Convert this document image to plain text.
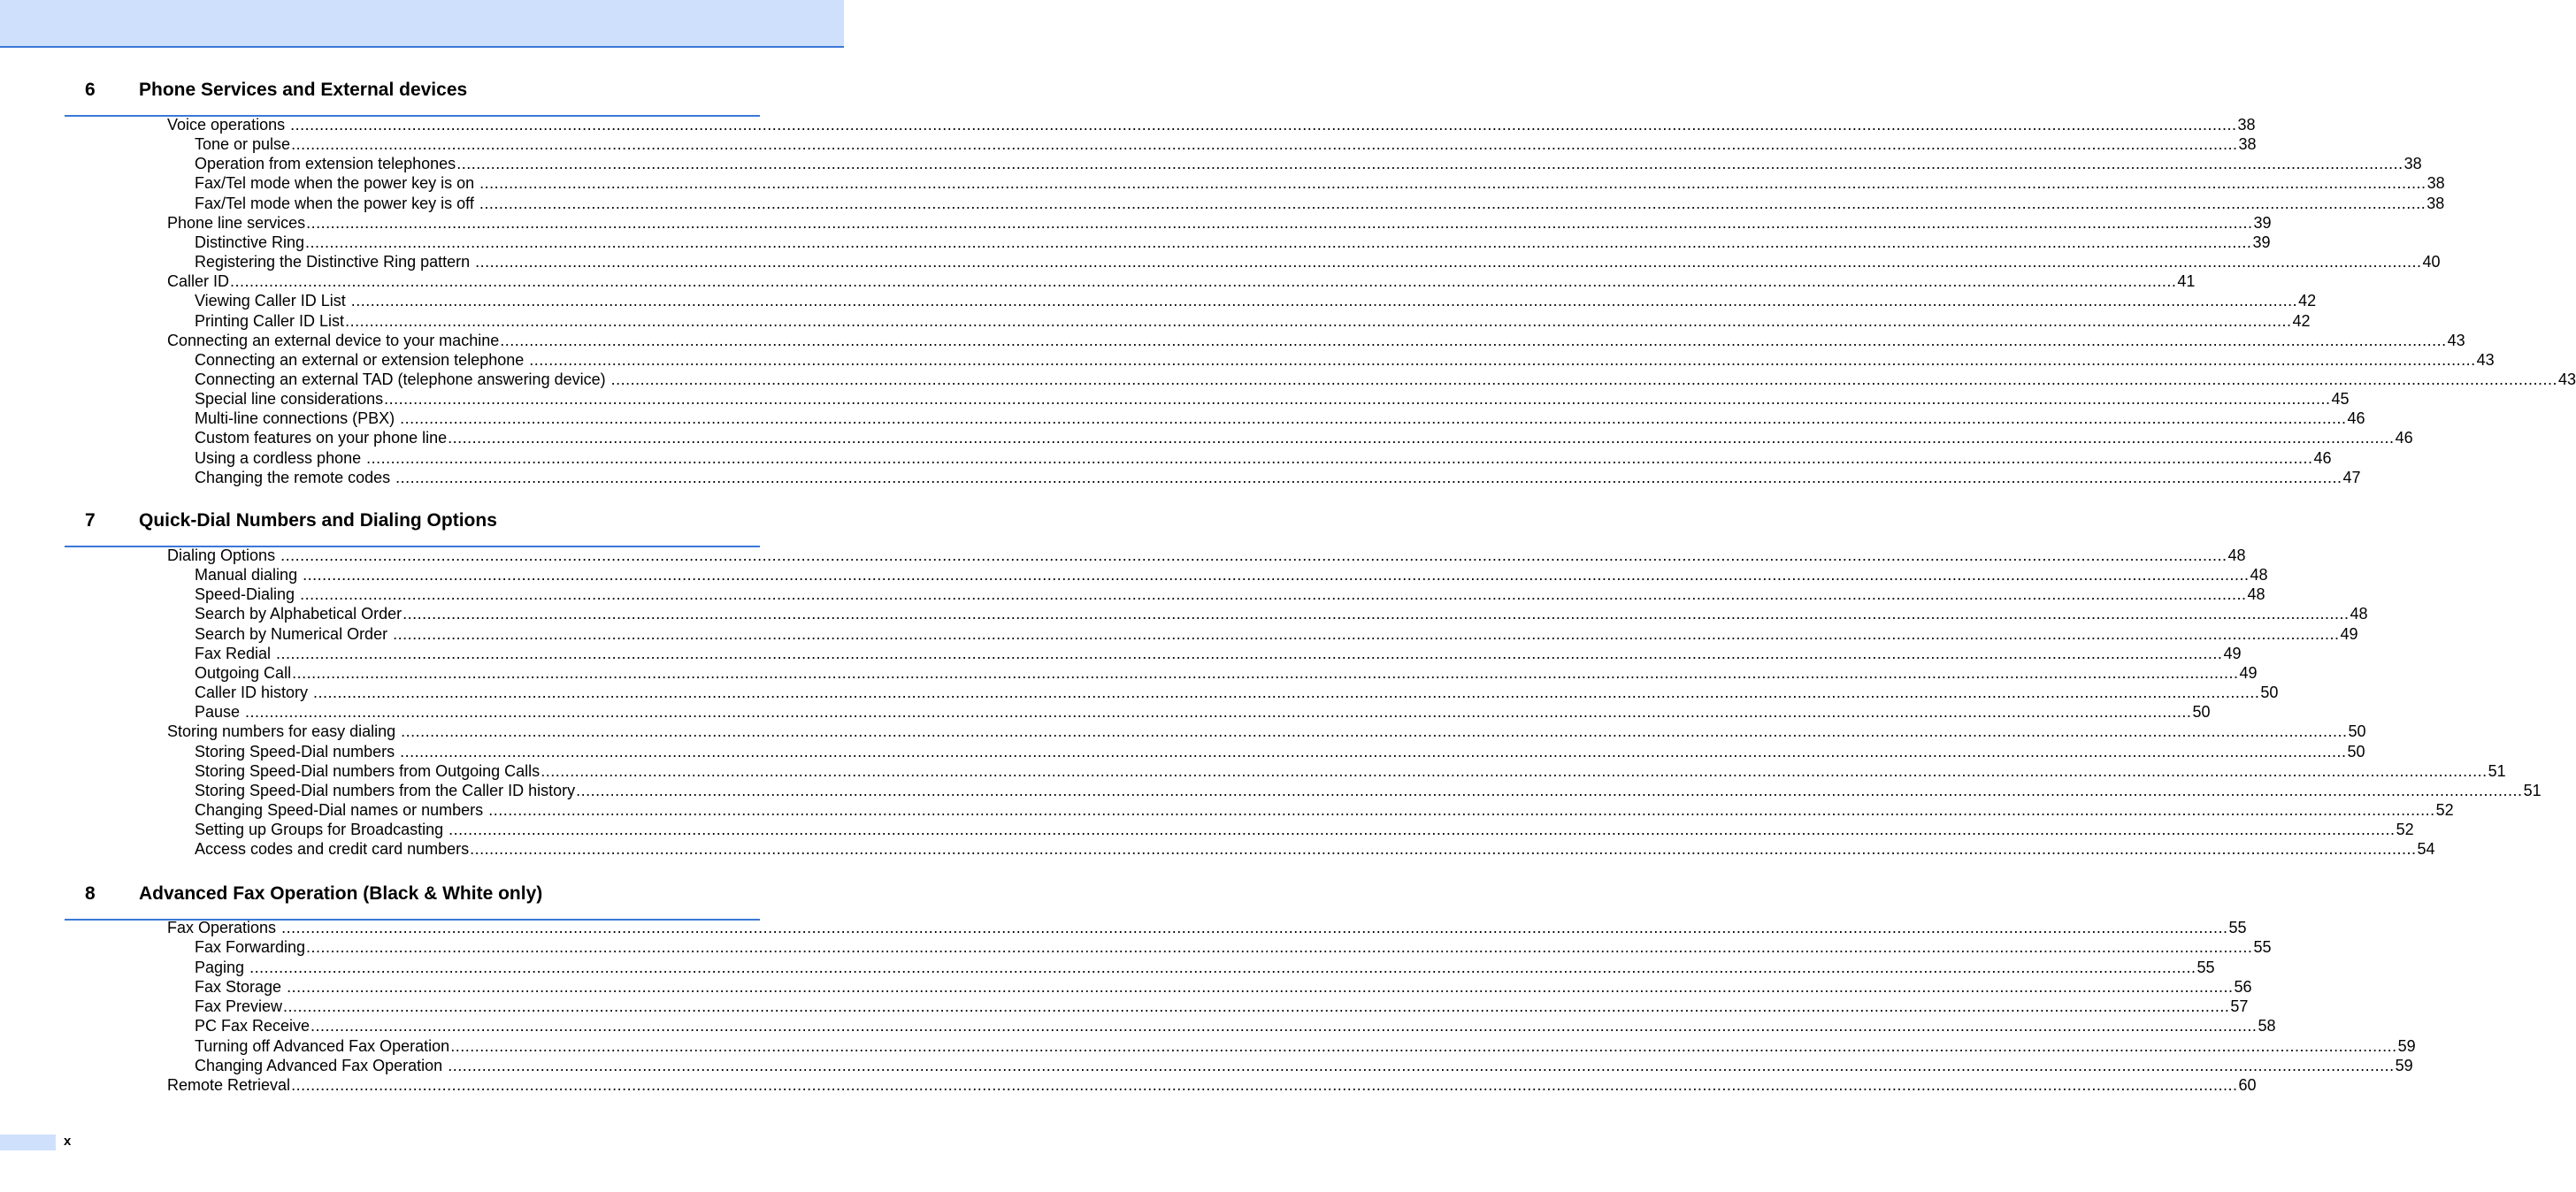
6 Phone Services and External devices
Voice operations ................................................................................................................................................................................................................................................................................................................................................................................................................ 38
Tone or pulse ................................................................................................................................................................................................................................................................................................................................................................................................................ 38
Operation from extension telephones ................................................................................................................................................................................................................................................................................................................................................................................................................ 38
Fax/Tel mode when the power key is on ................................................................................................................................................................................................................................................................................................................................................................................................................ 38
Fax/Tel mode when the power key is off ................................................................................................................................................................................................................................................................................................................................................................................................................ 38
Phone line services ................................................................................................................................................................................................................................................................................................................................................................................................................ 39
Distinctive Ring ................................................................................................................................................................................................................................................................................................................................................................................................................ 39
Registering the Distinctive Ring pattern ................................................................................................................................................................................................................................................................................................................................................................................................................ 40
Caller ID ................................................................................................................................................................................................................................................................................................................................................................................................................ 41
Viewing Caller ID List ................................................................................................................................................................................................................................................................................................................................................................................................................ 42
Printing Caller ID List ................................................................................................................................................................................................................................................................................................................................................................................................................ 42
Connecting an external device to your machine ................................................................................................................................................................................................................................................................................................................................................................................................................ 43
Connecting an external or extension telephone ................................................................................................................................................................................................................................................................................................................................................................................................................ 43
Connecting an external TAD (telephone answering device) ................................................................................................................................................................................................................................................................................................................................................................................................................ 43
Special line considerations ................................................................................................................................................................................................................................................................................................................................................................................................................ 45
Multi-line connections (PBX) ................................................................................................................................................................................................................................................................................................................................................................................................................ 46
Custom features on your phone line ................................................................................................................................................................................................................................................................................................................................................................................................................ 46
Using a cordless phone ................................................................................................................................................................................................................................................................................................................................................................................................................ 46
Changing the remote codes ................................................................................................................................................................................................................................................................................................................................................................................................................ 47
7 Quick-Dial Numbers and Dialing Options
Dialing Options ................................................................................................................................................................................................................................................................................................................................................................................................................ 48
Manual dialing ................................................................................................................................................................................................................................................................................................................................................................................................................ 48
Speed-Dialing ................................................................................................................................................................................................................................................................................................................................................................................................................ 48
Search by Alphabetical Order ................................................................................................................................................................................................................................................................................................................................................................................................................ 48
Search by Numerical Order ................................................................................................................................................................................................................................................................................................................................................................................................................ 49
Fax Redial ................................................................................................................................................................................................................................................................................................................................................................................................................ 49
Outgoing Call ................................................................................................................................................................................................................................................................................................................................................................................................................ 49
Caller ID history ................................................................................................................................................................................................................................................................................................................................................................................................................ 50
Pause ................................................................................................................................................................................................................................................................................................................................................................................................................ 50
Storing numbers for easy dialing ................................................................................................................................................................................................................................................................................................................................................................................................................ 50
Storing Speed-Dial numbers ................................................................................................................................................................................................................................................................................................................................................................................................................ 50
Storing Speed-Dial numbers from Outgoing Calls ................................................................................................................................................................................................................................................................................................................................................................................................................ 51
Storing Speed-Dial numbers from the Caller ID history ................................................................................................................................................................................................................................................................................................................................................................................................................ 51
Changing Speed-Dial names or numbers ................................................................................................................................................................................................................................................................................................................................................................................................................ 52
Setting up Groups for Broadcasting ................................................................................................................................................................................................................................................................................................................................................................................................................ 52
Access codes and credit card numbers ................................................................................................................................................................................................................................................................................................................................................................................................................ 54
8 Advanced Fax Operation (Black & White only)
Fax Operations ................................................................................................................................................................................................................................................................................................................................................................................................................ 55
Fax Forwarding ................................................................................................................................................................................................................................................................................................................................................................................................................ 55
Paging ................................................................................................................................................................................................................................................................................................................................................................................................................ 55
Fax Storage ................................................................................................................................................................................................................................................................................................................................................................................................................ 56
Fax Preview ................................................................................................................................................................................................................................................................................................................................................................................................................ 57
PC Fax Receive ................................................................................................................................................................................................................................................................................................................................................................................................................ 58
Turning off Advanced Fax Operation ................................................................................................................................................................................................................................................................................................................................................................................................................ 59
Changing Advanced Fax Operation ................................................................................................................................................................................................................................................................................................................................................................................................................ 59
Remote Retrieval ................................................................................................................................................................................................................................................................................................................................................................................................................ 60
x
